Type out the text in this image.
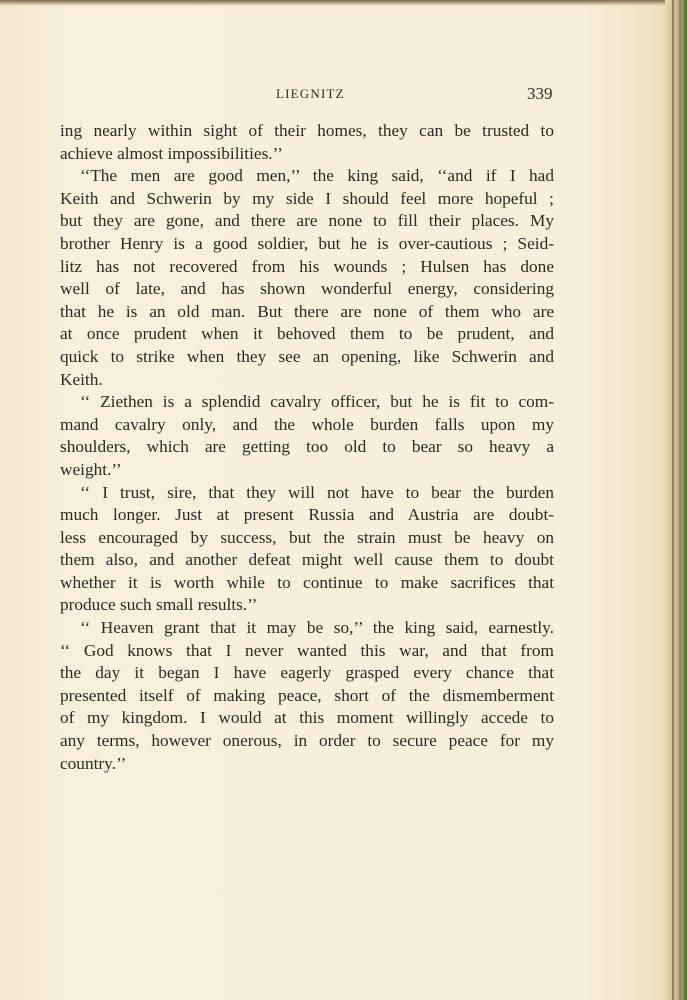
LIEGNITZ	339
ing nearly within sight of their homes, they can be trusted to
achieve almost impossibilities.’’
‘‘The men are good men,’’ the king said, ‘‘and if I had
Keith and Schwerin by my side I should feel more hopeful ;
but they are gone, and there are none to fill their places. My
brother Henry is a good soldier, but he is over-cautious ; Seid-
litz has not recovered from his wounds ; Hulsen has done
well of late, and has shown wonderful energy, considering
that he is an old man. But there are none of them who are
at once prudent when it behoved them to be prudent, and
quick to strike when they see an opening, like Schwerin and
Keith.
‘‘ Ziethen is a splendid cavalry officer, but he is fit to com-
mand cavalry only, and the whole burden falls upon my
shoulders, which are getting too old to bear so heavy a
weight.’’
‘‘ I trust, sire, that they will not have to bear the burden
much longer. Just at present Russia and Austria are doubt-
less encouraged by success, but the strain must be heavy on
them also, and another defeat might well cause them to doubt
whether it is worth while to continue to make sacrifices that
produce such small results.’’
‘‘ Heaven grant that it may be so,’’ the king said, earnestly.
‘‘ God knows that I never wanted this war, and that from
the day it began I have eagerly grasped every chance that
presented itself of making peace, short of the dismemberment
of my kingdom. I would at this moment willingly accede to
any terms, however onerous, in order to secure peace for my
country.’’
